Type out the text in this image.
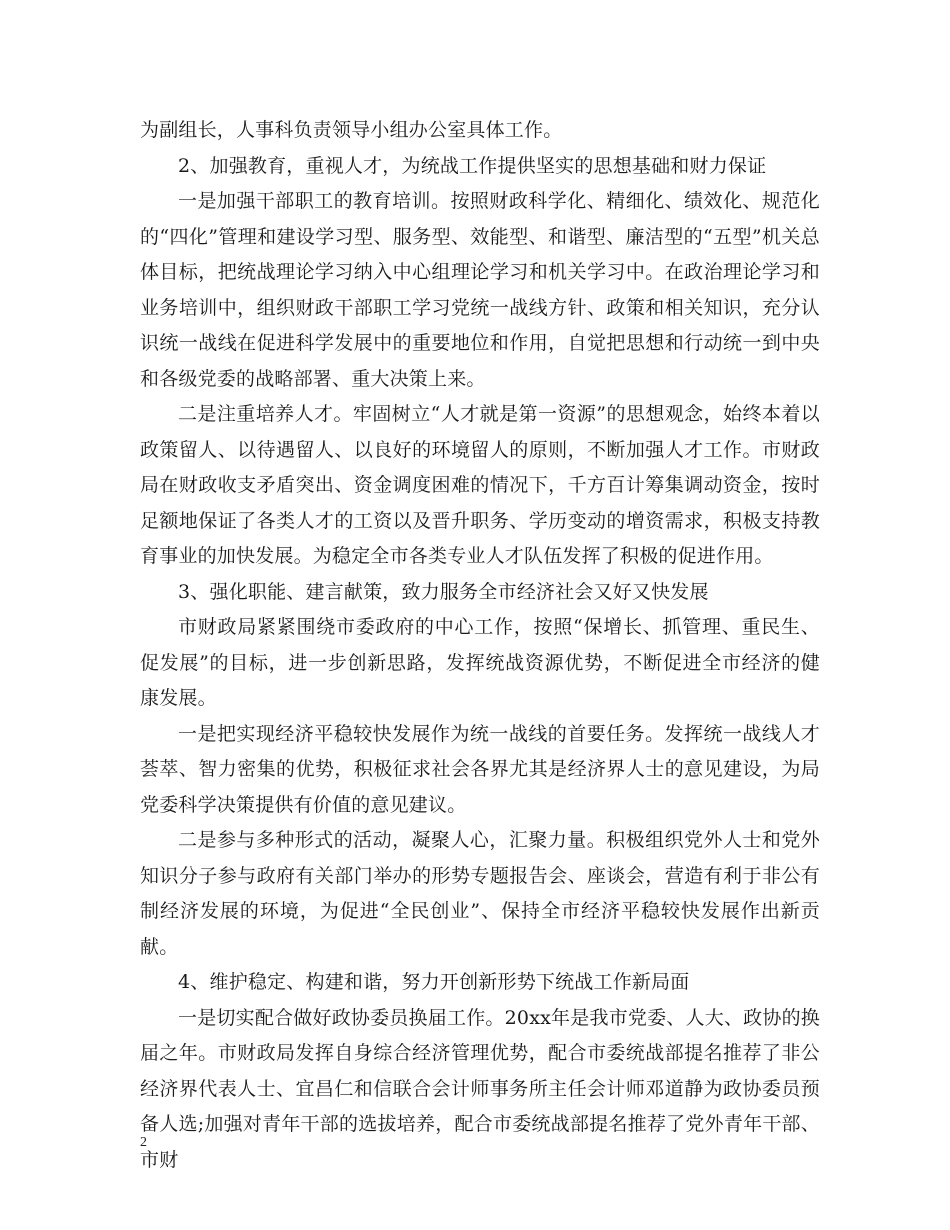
为副组长，人事科负责领导小组办公室具体工作。

2、加强教育，重视人才，为统战工作提供坚实的思想基础和财力保证

一是加强干部职工的教育培训。按照财政科学化、精细化、绩效化、规范化的“四化”管理和建设学习型、服务型、效能型、和谐型、廉洁型的“五型”机关总体目标，把统战理论学习纳入中心组理论学习和机关学习中。在政治理论学习和业务培训中，组织财政干部职工学习党统一战线方针、政策和相关知识，充分认识统一战线在促进科学发展中的重要地位和作用，自觉把思想和行动统一到中央和各级党委的战略部署、重大决策上来。

二是注重培养人才。牢固树立“人才就是第一资源”的思想观念，始终本着以政策留人、以待遇留人、以良好的环境留人的原则，不断加强人才工作。市财政局在财政收支矛盾突出、资金调度困难的情况下，千方百计筹集调动资金，按时足额地保证了各类人才的工资以及晋升职务、学历变动的增资需求，积极支持教育事业的加快发展。为稳定全市各类专业人才队伍发挥了积极的促进作用。

3、强化职能、建言献策，致力服务全市经济社会又好又快发展

市财政局紧紧围绕市委政府的中心工作，按照“保增长、抓管理、重民生、促发展”的目标，进一步创新思路，发挥统战资源优势，不断促进全市经济的健康发展。

一是把实现经济平稳较快发展作为统一战线的首要任务。发挥统一战线人才荟萃、智力密集的优势，积极征求社会各界尤其是经济界人士的意见建设，为局党委科学决策提供有价值的意见建议。

二是参与多种形式的活动，凝聚人心，汇聚力量。积极组织党外人士和党外知识分子参与政府有关部门举办的形势专题报告会、座谈会，营造有利于非公有制经济发展的环境，为促进“全民创业”、保持全市经济平稳较快发展作出新贡献。

4、维护稳定、构建和谐，努力开创新形势下统战工作新局面

一是切实配合做好政协委员换届工作。20xx年是我市党委、人大、政协的换届之年。市财政局发挥自身综合经济管理优势，配合市委统战部提名推荐了非公经济界代表人士、宜昌仁和信联合会计师事务所主任会计师邓道静为政协委员预备人选;加强对青年干部的选拔培养，配合市委统战部提名推荐了党外青年干部、市财

2
